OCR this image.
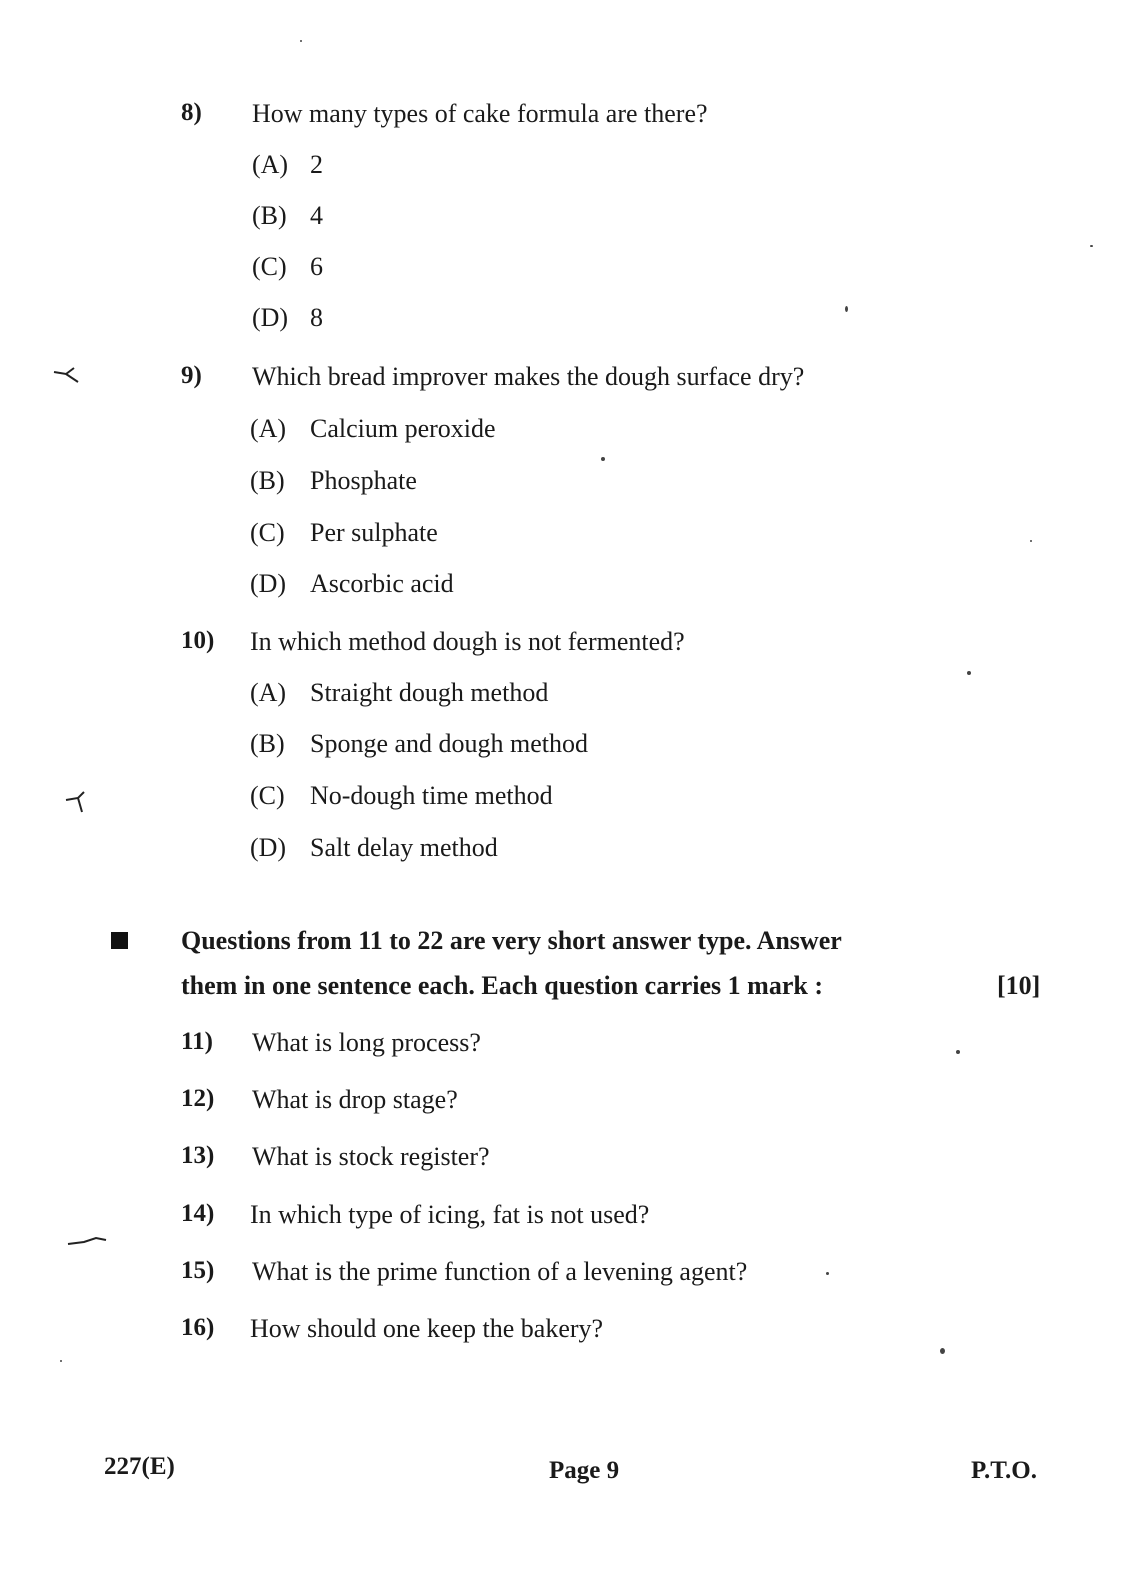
8) How many types of cake formula are there?
(A) 2
(B) 4
(C) 6
(D) 8
9) Which bread improver makes the dough surface dry?
(A) Calcium peroxide
(B) Phosphate
(C) Per sulphate
(D) Ascorbic acid
10) In which method dough is not fermented?
(A) Straight dough method
(B) Sponge and dough method
(C) No-dough time method
(D) Salt delay method
Questions from 11 to 22 are very short answer type. Answer
them in one sentence each. Each question carries 1 mark :	[10]
11) What is long process?
12) What is drop stage?
13) What is stock register?
14) In which type of icing, fat is not used?
15) What is the prime function of a levening agent?
16) How should one keep the bakery?
227(E)	Page 9	P.T.O.
